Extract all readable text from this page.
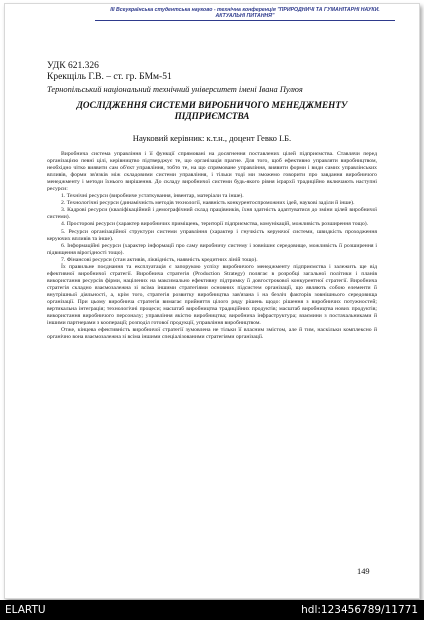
ІІІ Всеукраїнська студентська науково - технічна конференція "ПРИРОДНИЧІ ТА ГУМАНІТАРНІ НАУКИ.
АКТУАЛЬНІ ПИТАННЯ"
УДК 621.326
Крекщіль Г.В. – ст. гр. БМм-51
Тернопільський національний технічний університет імені Івана Пулюя
ДОСЛІДЖЕННЯ СИСТЕМИ ВИРОБНИЧОГО МЕНЕДЖМЕНТУ
ПІДПРИЄМСТВА
Науковий керівник: к.т.н., доцент Гевко І.Б.

Виробнича система управління і її функції спрямовані на досягнення поставлених цілей підприємства. Ставлячи перед організацією певні цілі, керівництво підтверджує те, що організація прагне. Для того, щоб ефективно управляти виробництвом, необхідно чітко виявити сам об'єкт управління, тобто те, на що спрямоване управління, виявити форми і види самих управлінських впливів, форми зв'язків між складовими системи управління, і тільки тоді ми зможемо говорити про завдання виробничого менеджменту і методи їхнього вирішення. До складу виробничої системи будь-якого рівня ієрархії традиційно включають наступні ресурси:

1. Технічні ресурси (виробниче устаткування, інвентар, матеріали та інше).

2. Технологічні ресурси (динамічність методів технології, наявність конкурентоспроможних ідей, наукові заділи й інше).

3. Кадрові ресурси (кваліфікаційний і демографічний склад працівників, їхня здатність адаптуватися до зміни цілей виробничої системи).

4. Просторові ресурси (характер виробничих приміщень, території підприємства, комунікацій, можливість розширення тощо).

5. Ресурси організаційної структури системи управління (характер і гнучкість керуючої системи, швидкість проходження керуючих впливів та інше).

6. Інформаційні ресурси (характер інформації про саму виробничу систему і зовнішнє середовище, можливість її розширення і підвищення вірогідності тощо).

7. Фінансові ресурси (стан активів, ліквідність, наявність кредитних ліній тощо).

Їх правильне поєднання та експлуатація є запорукою успіху виробничого менеджменту підприємства і залежить ще від ефективної виробничої стратегії. Виробнича стратегія (Production Strategy) полягає в розробці загальної політики і планів використання ресурсів фірми, націлених на максимально ефективну підтримку її довгострокової конкурентної стратегії. Виробнича стратегія складно взаємозалежна зі всіма іншими стратегіями основних підсистем організації, що являють собою елементи її внутрішньої діяльності, а, крім того, стратегія розвитку виробництва зав'язана і на безліч факторів зовнішнього середовища організації. При цьому виробнича стратегія вимагає прийняття цілого ряду рішень щодо: рішення з виробничих потужностей; вертикальна інтеграція; технологічні процеси; масштаб виробництва традиційних продуктів; масштаб виробництва нових продуктів; використання виробничого персоналу; управління якістю виробництва; виробнича інфраструктура; взаємини з постачальниками й іншими партнерами з кооперації; розподіл готової продукції, управління виробництвом.

Отже, кінцева ефективність виробничої стратегії зумовлена не тільки її власним змістом, але й тим, наскільки комплексно й органічно вона взаємозалежна зі всіма іншими спеціалізованими стратегіями організації.

149
ELARTU	hdl:123456789/11771
